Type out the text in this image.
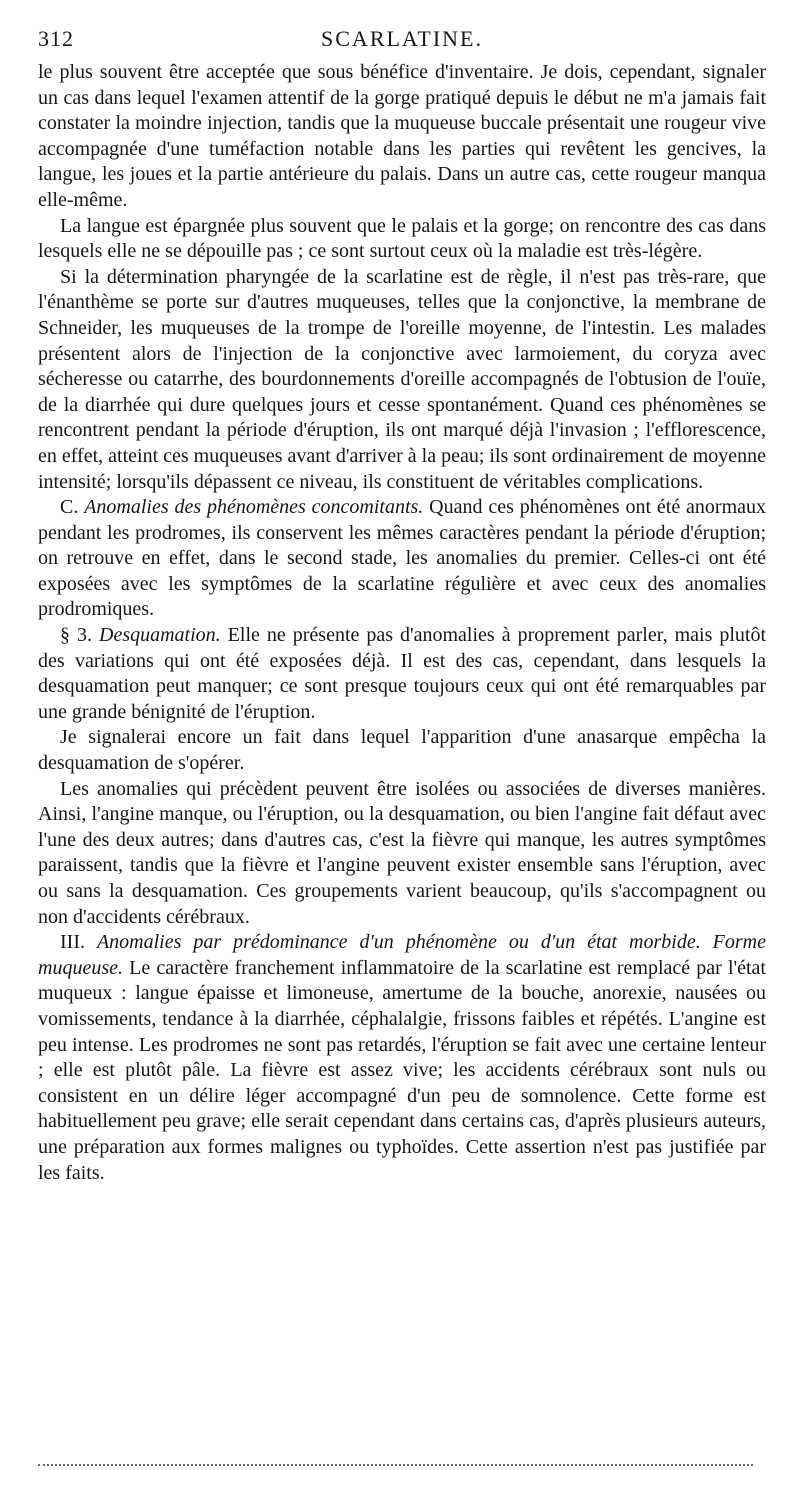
312	SCARLATINE.

le plus souvent être acceptée que sous bénéfice d'inventaire. Je dois, cependant, signaler un cas dans lequel l'examen attentif de la gorge pratiqué depuis le début ne m'a jamais fait constater la moindre injection, tandis que la muqueuse buccale présentait une rougeur vive accompagnée d'une tuméfaction notable dans les parties qui revêtent les gencives, la langue, les joues et la partie antérieure du palais. Dans un autre cas, cette rougeur manqua elle-même.

La langue est épargnée plus souvent que le palais et la gorge; on rencontre des cas dans lesquels elle ne se dépouille pas ; ce sont surtout ceux où la maladie est très-légère.

Si la détermination pharyngée de la scarlatine est de règle, il n'est pas très-rare, que l'énanthème se porte sur d'autres muqueuses, telles que la conjonctive, la membrane de Schneider, les muqueuses de la trompe de l'oreille moyenne, de l'intestin. Les malades présentent alors de l'injection de la conjonctive avec larmoiement, du coryza avec sécheresse ou catarrhe, des bourdonnements d'oreille accompagnés de l'obtusion de l'ouïe, de la diarrhée qui dure quelques jours et cesse spontanément. Quand ces phénomènes se rencontrent pendant la période d'éruption, ils ont marqué déjà l'invasion ; l'efflorescence, en effet, atteint ces muqueuses avant d'arriver à la peau; ils sont ordinairement de moyenne intensité; lorsqu'ils dépassent ce niveau, ils constituent de véritables complications.

C. Anomalies des phénomènes concomitants. Quand ces phénomènes ont été anormaux pendant les prodromes, ils conservent les mêmes caractères pendant la période d'éruption; on retrouve en effet, dans le second stade, les anomalies du premier. Celles-ci ont été exposées avec les symptômes de la scarlatine régulière et avec ceux des anomalies prodromiques.

§ 3. Desquamation. Elle ne présente pas d'anomalies à proprement parler, mais plutôt des variations qui ont été exposées déjà. Il est des cas, cependant, dans lesquels la desquamation peut manquer; ce sont presque toujours ceux qui ont été remarquables par une grande bénignité de l'éruption.

Je signalerai encore un fait dans lequel l'apparition d'une anasarque empêcha la desquamation de s'opérer.

Les anomalies qui précèdent peuvent être isolées ou associées de diverses manières. Ainsi, l'angine manque, ou l'éruption, ou la desquamation, ou bien l'angine fait défaut avec l'une des deux autres; dans d'autres cas, c'est la fièvre qui manque, les autres symptômes paraissent, tandis que la fièvre et l'angine peuvent exister ensemble sans l'éruption, avec ou sans la desquamation. Ces groupements varient beaucoup, qu'ils s'accompagnent ou non d'accidents cérébraux.

III. Anomalies par prédominance d'un phénomène ou d'un état morbide. Forme muqueuse. Le caractère franchement inflammatoire de la scarlatine est remplacé par l'état muqueux : langue épaisse et limoneuse, amertume de la bouche, anorexie, nausées ou vomissements, tendance à la diarrhée, céphalalgie, frissons faibles et répétés. L'angine est peu intense. Les prodromes ne sont pas retardés, l'éruption se fait avec une certaine lenteur ; elle est plutôt pâle. La fièvre est assez vive; les accidents cérébraux sont nuls ou consistent en un délire léger accompagné d'un peu de somnolence. Cette forme est habituellement peu grave; elle serait cependant dans certains cas, d'après plusieurs auteurs, une préparation aux formes malignes ou typhoïdes. Cette assertion n'est pas justifiée par les faits.
